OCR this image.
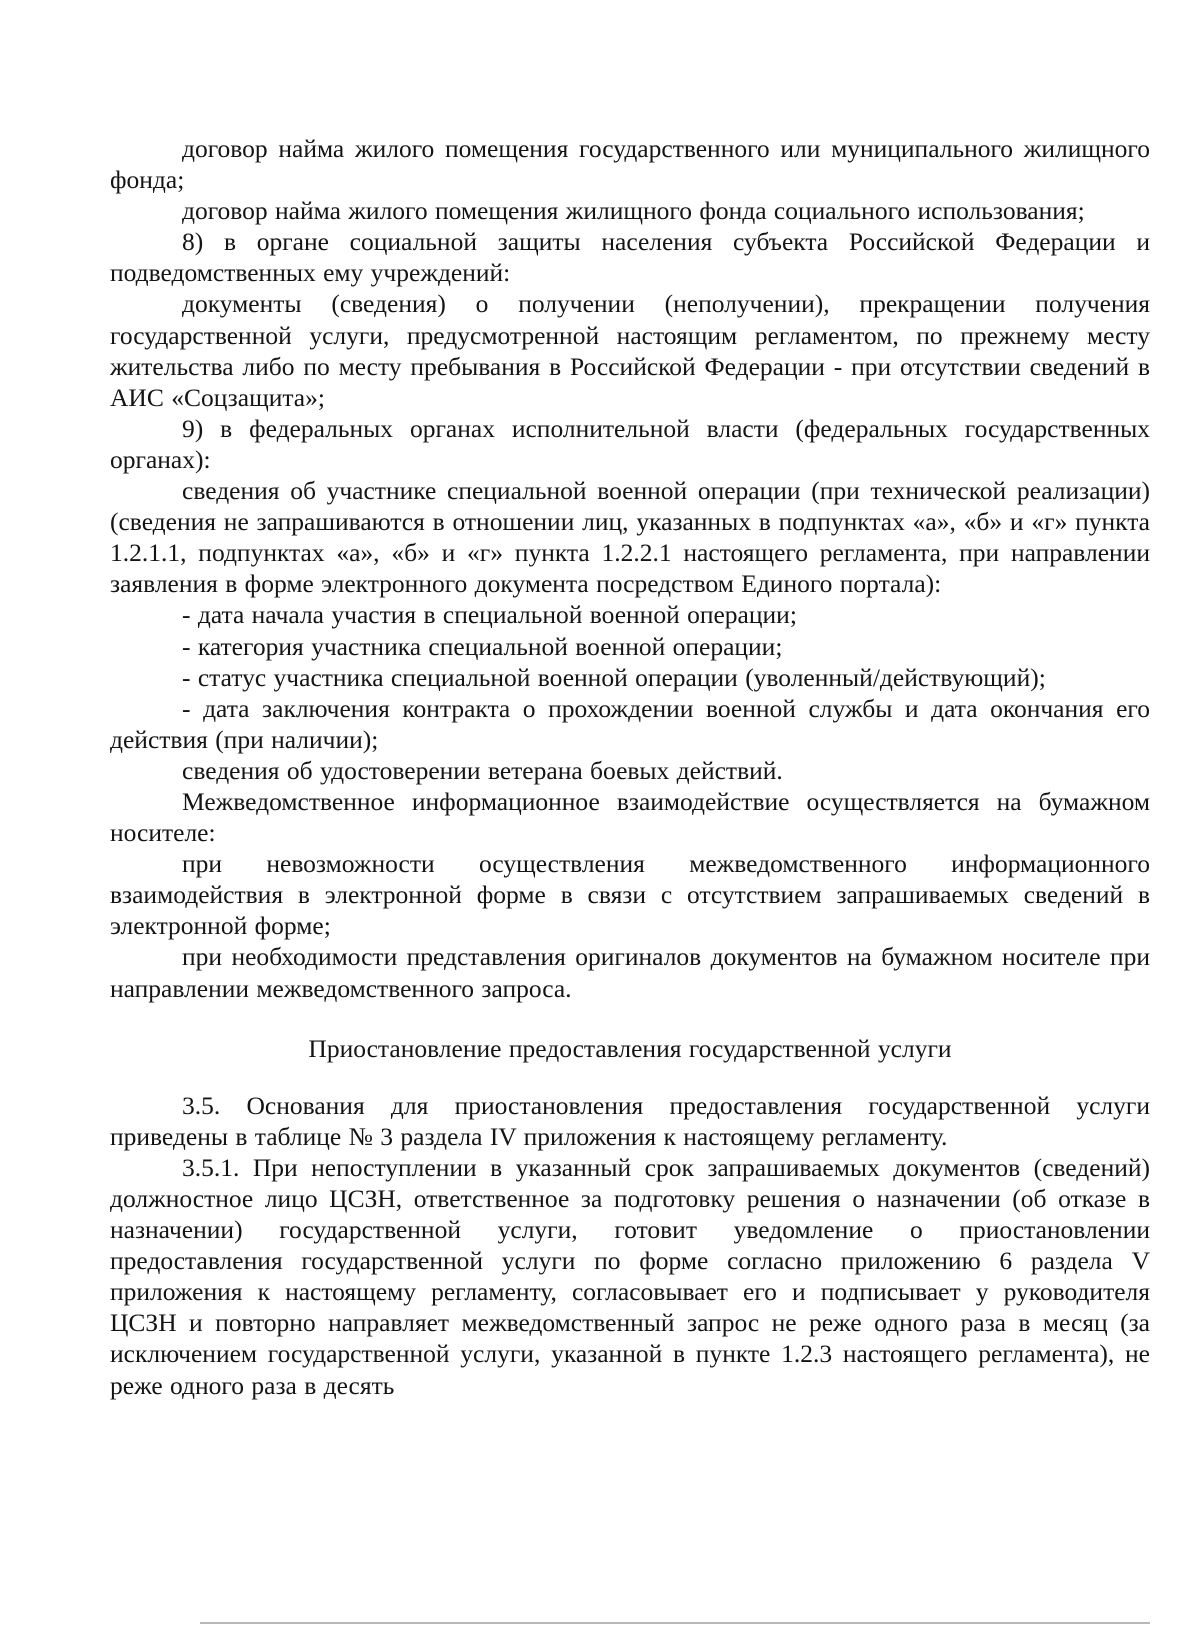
договор найма жилого помещения государственного или муниципального жилищного фонда;

договор найма жилого помещения жилищного фонда социального использования;

8) в органе социальной защиты населения субъекта Российской Федерации и подведомственных ему учреждений:

документы (сведения) о получении (неполучении), прекращении получения государственной услуги, предусмотренной настоящим регламентом, по прежнему месту жительства либо по месту пребывания в Российской Федерации - при отсутствии сведений в АИС «Соцзащита»;

9) в федеральных органах исполнительной власти (федеральных государственных органах):

сведения об участнике специальной военной операции (при технической реализации) (сведения не запрашиваются в отношении лиц, указанных в подпунктах «а», «б» и «г» пункта 1.2.1.1, подпунктах «а», «б» и «г» пункта 1.2.2.1 настоящего регламента, при направлении заявления в форме электронного документа посредством Единого портала):

- дата начала участия в специальной военной операции;

- категория участника специальной военной операции;

- статус участника специальной военной операции (уволенный/действующий);

- дата заключения контракта о прохождении военной службы и дата окончания его действия (при наличии);

сведения об удостоверении ветерана боевых действий.

Межведомственное информационное взаимодействие осуществляется на бумажном носителе:

при невозможности осуществления межведомственного информационного взаимодействия в электронной форме в связи с отсутствием запрашиваемых сведений в электронной форме;

при необходимости представления оригиналов документов на бумажном носителе при направлении межведомственного запроса.

Приостановление предоставления государственной услуги

3.5. Основания для приостановления предоставления государственной услуги приведены в таблице № 3 раздела IV приложения к настоящему регламенту.

3.5.1. При непоступлении в указанный срок запрашиваемых документов (сведений) должностное лицо ЦСЗН, ответственное за подготовку решения о назначении (об отказе в назначении) государственной услуги, готовит уведомление о приостановлении предоставления государственной услуги по форме согласно приложению 6 раздела V приложения к настоящему регламенту, согласовывает его и подписывает у руководителя ЦСЗН и повторно направляет межведомственный запрос не реже одного раза в месяц (за исключением государственной услуги, указанной в пункте 1.2.3 настоящего регламента), не реже одного раза в десять
